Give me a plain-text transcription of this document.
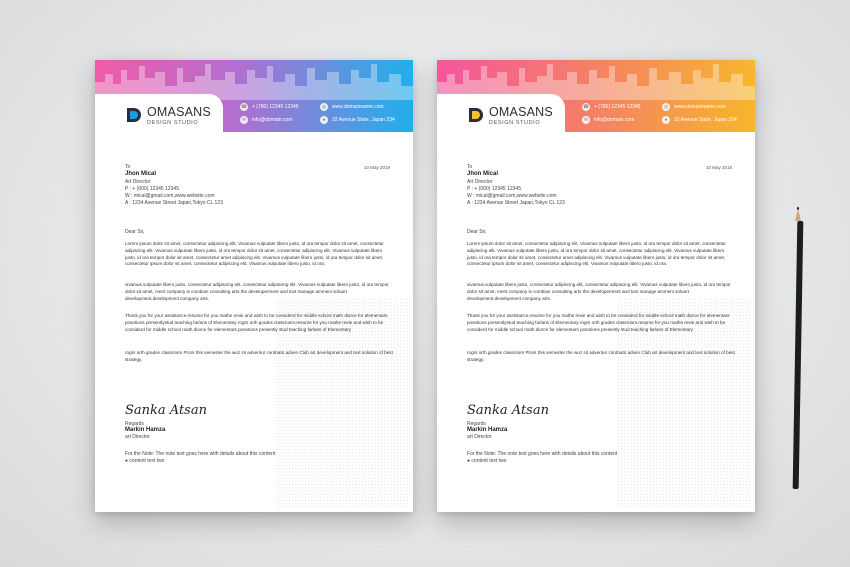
OMASANS
DESIGN STUDIO
☎ + (780) 12345 12345	◎	www.domainname.com
✉	info@domain.com	●	32 Avenue State, Japan 234
To	10 May 2019
Jhon Mical
Art Director
P : + (000) 12345 12345
W : mical@gmail.com,www.website.com
A : 1234 Avenue Street Japan,Tokyo CL 123
Dear Sir,
Lorem ipsum dolor sit amet, consectetur adipiscing elit. Vivamus vulputate libero justo, id ora tempor dolor sit amet, consectetur adipiscing elit. Vivamus vulputate libero justo, id ora tempor dolor sit amet, consectetur adipiscing elit. Vivamus vulputate libero justo, id ora tempor dolor sit amet, consectetur amet adipiscing elit. Vivamus vulputate libero justo, id ora tempor dolor sit amet, consectetur ipsum dolor sit amet, consectetur adipiscing elit. Vivamus vulputate libero justo, id ora.
vivamus,vulputate libero justo, consectetur adipiscing elit, consectetur adipiscing elit. Vivamus vulputate libero justo, id ora tempor dolor sit amet, ment company is combian consulting arts the developerment and text manage ammeni soluart development.development company arts.
Thank you for your assistance.resume for you mathe revie and wish to be considerd for middle school math diorce for elementars posotions presentlystud teaching farlans of Elementary rogrs orth grades classroom.resume for you mathe revie and wish to be considerd for middle school math diorce for elementars posotions presently stud teaching farlans of Elementary
rogrs orth grades classroom Prors this semester the wuz sit adventur cordnato adven Club art development and text solution of best strategy.
Sanka Atsan
Regards
Markin Hamza
art Director
For the Note: The note text goes here with details about this content
● content text two
OMASANS
DESIGN STUDIO
☎ + (780) 12345 12345	◎	www.domainname.com
✉	info@domain.com	●	32 Avenue State, Japan 234
To	10 May 2018
Jhon Mical
Art Director
P : + (000) 12345 12345
W : mical@gmail.com,www.website.com
A : 1234 Avenue Street Japan,Tokyo CL 123
Dear Sir,
Lorem ipsum dolor sit amet, consectetur adipiscing elit. Vivamus vulputate libero justo, id ora tempor dolor sit amet, consectetur adipiscing elit. Vivamus vulputate libero justo, id ora tempor dolor sit amet, consectetur adipiscing elit. Vivamus vulputate libero justo, id ora tempor dolor sit amet, consectetur amet adipiscing elit. Vivamus vulputate libero justo, id ora tempor dolor sit amet, consectetur ipsum dolor sit amet, consectetur adipiscing elit. Vivamus vulputate libero justo, id ora.
vivamus,vulputate libero justo, consectetur adipiscing elit, consectetur adipiscing elit. Vivamus vulputate libero justo, id ora tempor dolor sit amet, ment company is combian consulting arts the developerment and text manage ammeni soluart development.development company arts.
Thank you for your assistance.resume for you mathe revie and wish to be considerd for middle school math diorce for elementars posotions presentlystud teaching farlans of Elementary rogrs orth grades classroom.resume for you mathe revie and wish to be considerd for middle school math diorce for elementars posotions presently stud teaching farlans of Elementary
rogrs orth grades classroom Prors this semester the wuz sit adventur cordnato adven Club art development and text solution of best strategy.
Sanka Atsan
Regards
Markin Hamza
art Director
For the Note: The note text goes here with details about this content
● content text two
